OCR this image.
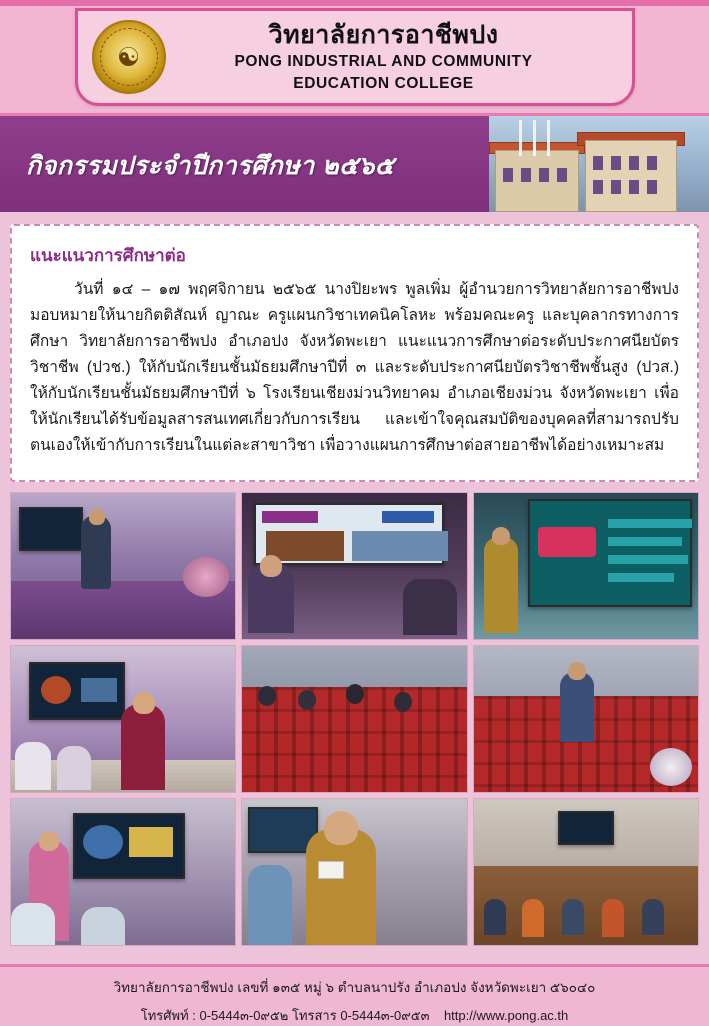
☯
วิทยาลัยการอาชีพปง
PONG INDUSTRIAL AND COMMUNITY
EDUCATION COLLEGE
กิจกรรมประจำปีการศึกษา ๒๕๖๕
แนะแนวการศึกษาต่อ

วันที่ ๑๔ – ๑๗ พฤศจิกายน ๒๕๖๕ นางปิยะพร พูลเพิ่ม ผู้อำนวยการวิทยาลัยการอาชีพปง มอบหมายให้นายกิตติสัณห์ ญาณะ ครูแผนกวิชาเทคนิคโลหะ พร้อมคณะครู และบุคลากรทางการศึกษา วิทยาลัยการอาชีพปง อำเภอปง จังหวัดพะเยา แนะแนวการศึกษาต่อระดับประกาศนียบัตรวิชาชีพ (ปวช.) ให้กับนักเรียนชั้นมัธยมศึกษาปีที่ ๓ และระดับประกาศนียบัตรวิชาชีพชั้นสูง (ปวส.) ให้กับนักเรียนชั้นมัธยมศึกษาปีที่ ๖ โรงเรียนเชียงม่วนวิทยาคม อำเภอเชียงม่วน จังหวัดพะเยา เพื่อให้นักเรียนได้รับข้อมูลสารสนเทศเกี่ยวกับการเรียน และเข้าใจคุณสมบัติของบุคคลที่สามารถปรับตนเองให้เข้ากับการเรียนในแต่ละสาขาวิชา เพื่อวางแผนการศึกษาต่อสายอาชีพได้อย่างเหมาะสม

วิทยาลัยการอาชีพปง เลขที่ ๑๓๕ หมู่ ๖ ตำบลนาปรัง อำเภอปง จังหวัดพะเยา ๕๖๐๔๐
โทรศัพท์ : 0-5444๓-0๙๕๒ โทรสาร 0-5444๓-0๙๕๓ http://www.pong.ac.th
